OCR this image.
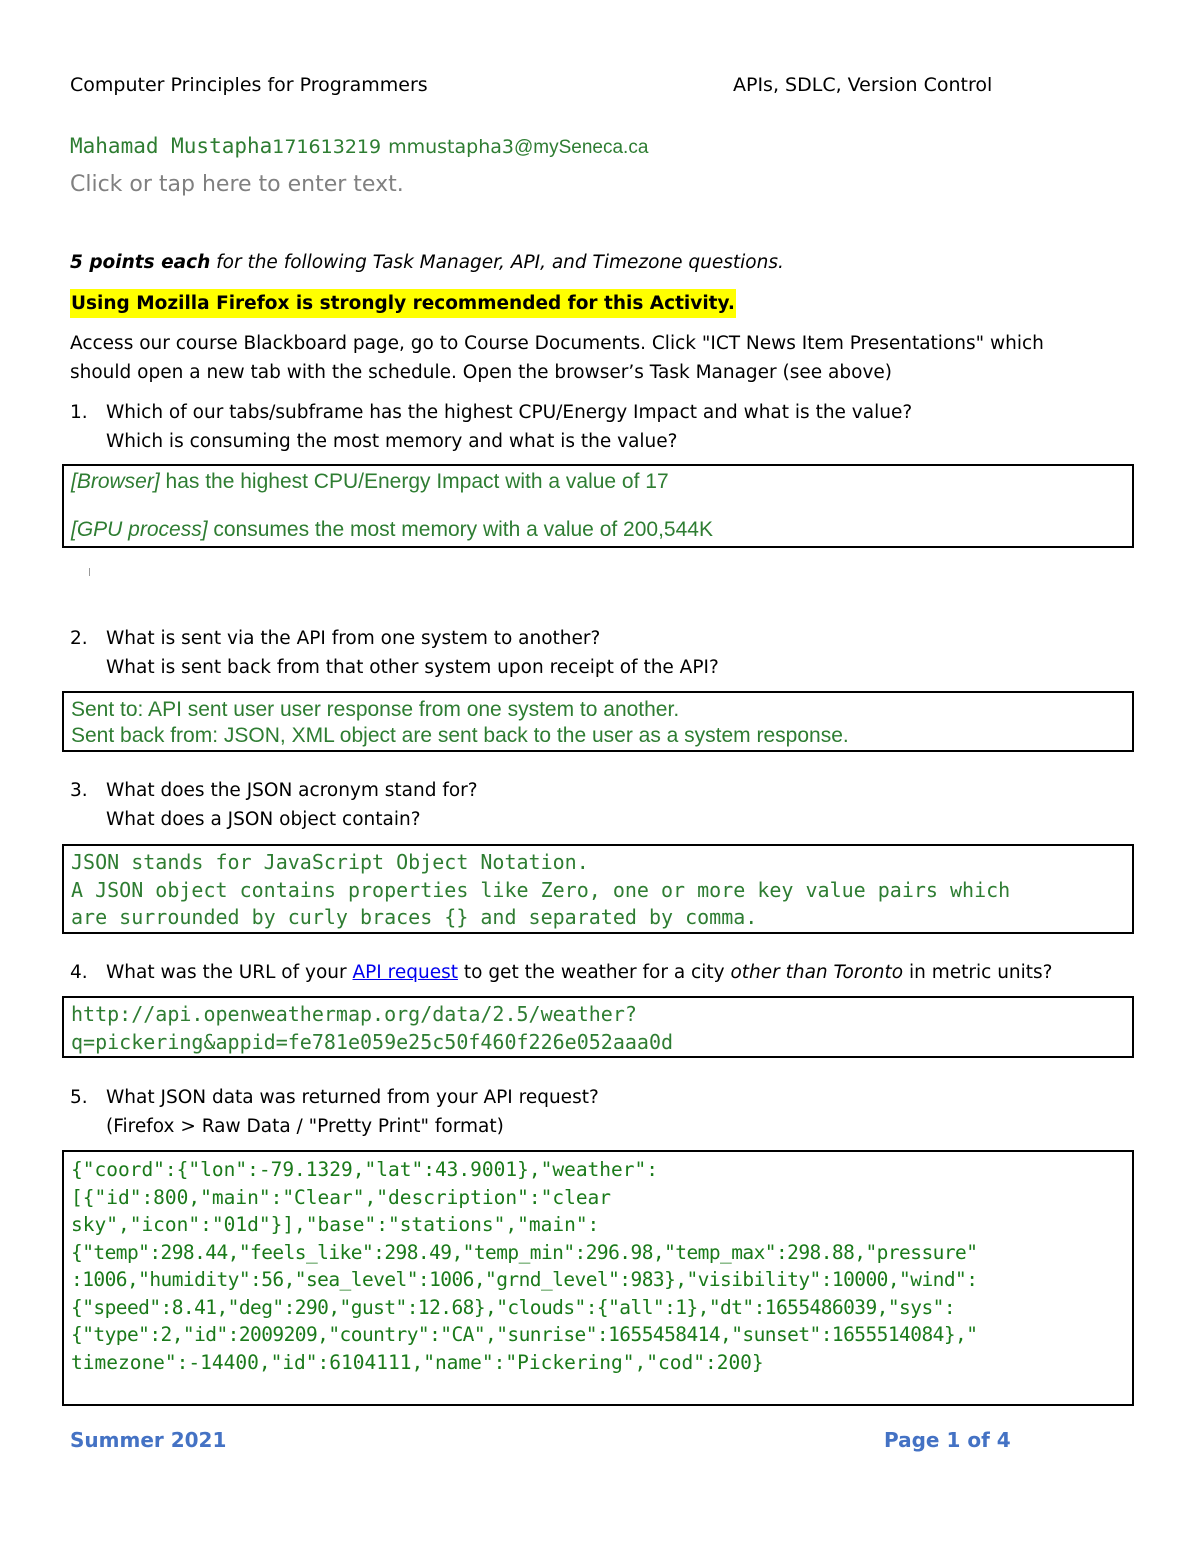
Computer Principles for Programmers	APIs, SDLC, Version Control
Mahamad Mustapha171613219 mmustapha3@mySeneca.ca
Click or tap here to enter text.
5 points each for the following Task Manager, API, and Timezone questions.
Using Mozilla Firefox is strongly recommended for this Activity.
Access our course Blackboard page, go to Course Documents. Click "ICT News Item Presentations" which should open a new tab with the schedule. Open the browser’s Task Manager (see above)
1. Which of our tabs/subframe has the highest CPU/Energy Impact and what is the value?
Which is consuming the most memory and what is the value?
[Browser] has the highest CPU/Energy Impact with a value of 17
[GPU process] consumes the most memory with a value of 200,544K
2. What is sent via the API from one system to another?
What is sent back from that other system upon receipt of the API?
Sent to: API sent user user response from one system to another.
Sent back from: JSON, XML object are sent back to the user as a system response.
3. What does the JSON acronym stand for?
What does a JSON object contain?
JSON stands for JavaScript Object Notation.
A JSON object contains properties like Zero, one or more key value pairs which
are surrounded by curly braces {} and separated by comma.
4. What was the URL of your API request to get the weather for a city other than Toronto in metric units?
http://api.openweathermap.org/data/2.5/weather?
q=pickering&appid=fe781e059e25c50f460f226e052aaa0d
5. What JSON data was returned from your API request?
(Firefox > Raw Data / "Pretty Print" format)
{"coord":{"lon":-79.1329,"lat":43.9001},"weather":
[{"id":800,"main":"Clear","description":"clear
sky","icon":"01d"}],"base":"stations","main":
{"temp":298.44,"feels_like":298.49,"temp_min":296.98,"temp_max":298.88,"pressure"
:1006,"humidity":56,"sea_level":1006,"grnd_level":983},"visibility":10000,"wind":
{"speed":8.41,"deg":290,"gust":12.68},"clouds":{"all":1},"dt":1655486039,"sys":
{"type":2,"id":2009209,"country":"CA","sunrise":1655458414,"sunset":1655514084},"
timezone":-14400,"id":6104111,"name":"Pickering","cod":200}
Summer 2021	Page 1 of 4
